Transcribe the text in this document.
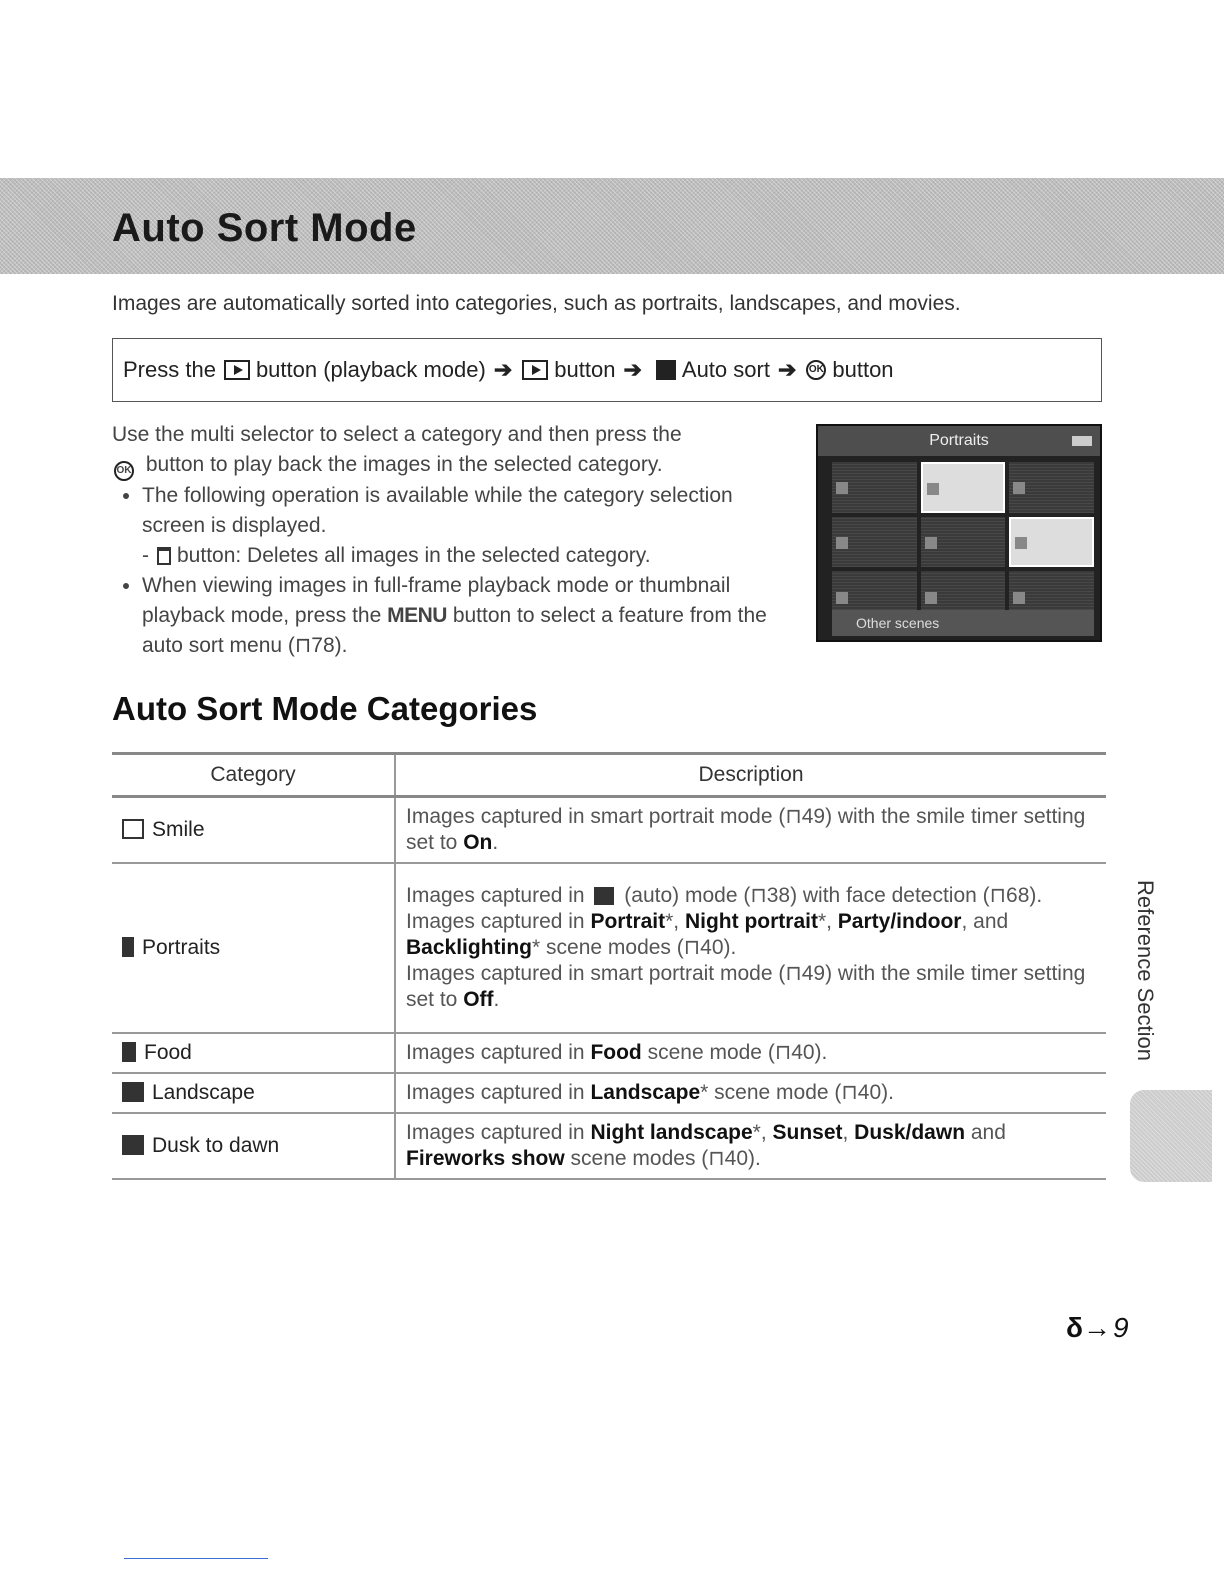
Auto Sort Mode

Images are automatically sorted into categories, such as portraits, landscapes, and movies.

Press the button (playback mode) ➔ button ➔ Auto sort ➔ OK button

Use the multi selector to select a category and then press the
OK button to play back the images in the selected category.

• The following operation is available while the category selection screen is displayed.
- button: Deletes all images in the selected category.
• When viewing images in full-frame playback mode or thumbnail playback mode, press the MENU button to select a feature from the auto sort menu (⊓78).
Portraits
Other scenes
Auto Sort Mode Categories
Category	Description
Smile	Images captured in smart portrait mode (⊓49) with the smile timer setting set to On.
Portraits	Images captured in  (auto) mode (⊓38) with face detection (⊓68).
Images captured in Portrait*, Night portrait*, Party/indoor, and Backlighting* scene modes (⊓40).
Images captured in smart portrait mode (⊓49) with the smile timer setting set to Off.
Food	Images captured in Food scene mode (⊓40).
Landscape	Images captured in Landscape* scene mode (⊓40).
Dusk to dawn	Images captured in Night landscape*, Sunset, Dusk/dawn and Fireworks show scene modes (⊓40).
Reference Section
δ→9
